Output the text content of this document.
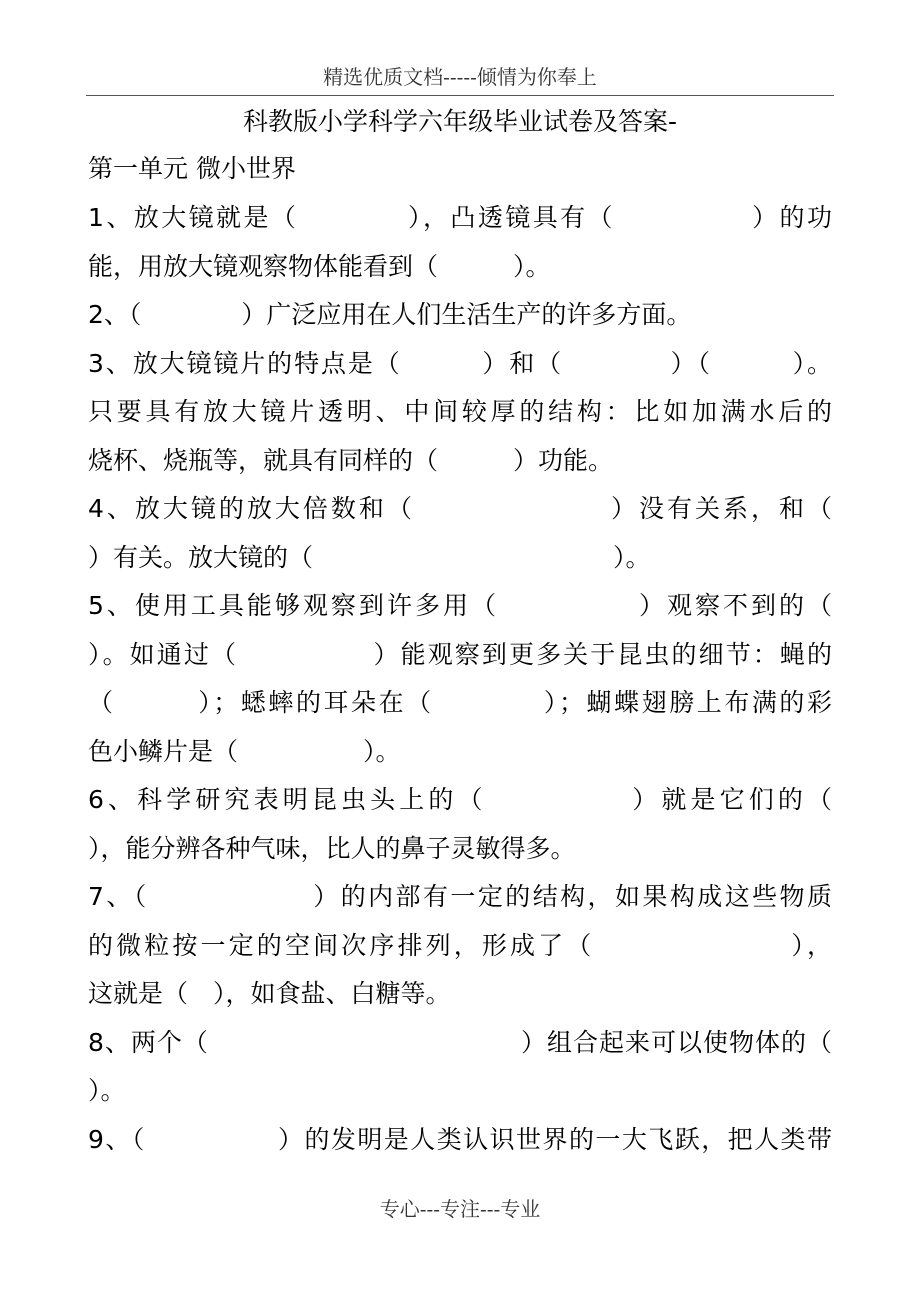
精选优质文档-----倾情为你奉上
科教版小学科学六年级毕业试卷及答案-
第一单元 微小世界
1、放大镜就是（　　　　），凸透镜具有（　　　　　）的功
能，用放大镜观察物体能看到（　　　）。
2、（　　　　）广泛应用在人们生活生产的许多方面。
3、放大镜镜片的特点是（　　　）和（　　　　）（　　　）。
只要具有放大镜片透明、中间较厚的结构：比如加满水后的
烧杯、烧瓶等，就具有同样的（　　　）功能。
4、放大镜的放大倍数和（　　　　　　　）没有关系，和（
）有关。放大镜的（　　　　　　　　　　　　）。
5、使用工具能够观察到许多用（　　　　　）观察不到的（
）。如通过（　　　　　）能观察到更多关于昆虫的细节：蝇的
（　　　）；蟋蟀的耳朵在（　　　　）；蝴蝶翅膀上布满的彩
色小鳞片是（　　　　　）。
6、科学研究表明昆虫头上的（　　　　　）就是它们的（
），能分辨各种气味，比人的鼻子灵敏得多。
7、（　　　　　　）的内部有一定的结构，如果构成这些物质
的微粒按一定的空间次序排列，形成了（　　　　　　　），
这就是（　），如食盐、白糖等。
8、两个（　　　　　　　　　　　　）组合起来可以使物体的（
）。
9、（　　　　　）的发明是人类认识世界的一大飞跃，把人类带
专心---专注---专业
